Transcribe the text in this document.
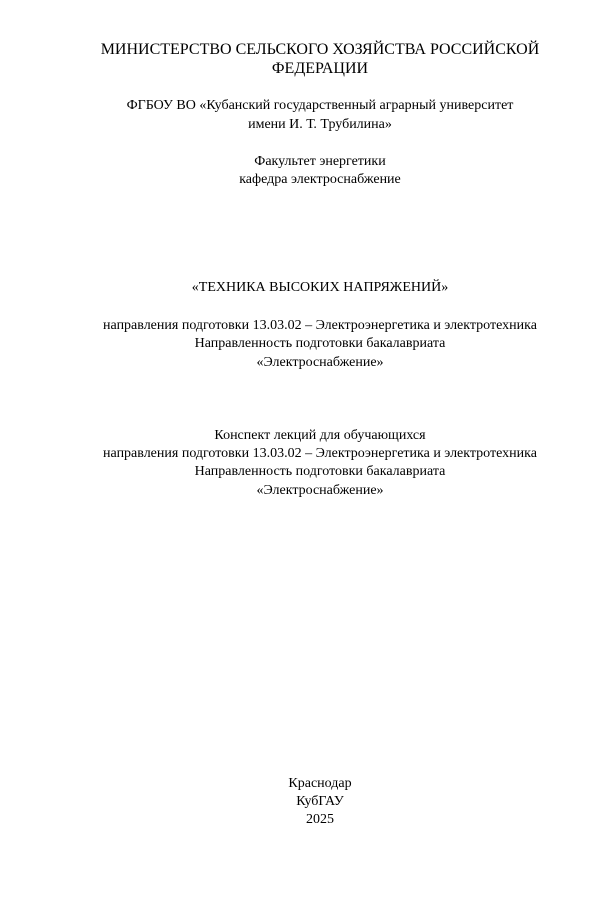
МИНИСТЕРСТВО СЕЛЬСКОГО ХОЗЯЙСТВА РОССИЙСКОЙ
ФЕДЕРАЦИИ
ФГБОУ ВО «Кубанский государственный аграрный университет
имени И. Т. Трубилина»
Факультет энергетики
кафедра электроснабжение
«ТЕХНИКА ВЫСОКИХ НАПРЯЖЕНИЙ»
направления подготовки 13.03.02 – Электроэнергетика и электротехника
Направленность подготовки бакалавриата
«Электроснабжение»
Конспект лекций для обучающихся
направления подготовки 13.03.02 – Электроэнергетика и электротехника
Направленность подготовки бакалавриата
«Электроснабжение»
Краснодар
КубГАУ
2025
